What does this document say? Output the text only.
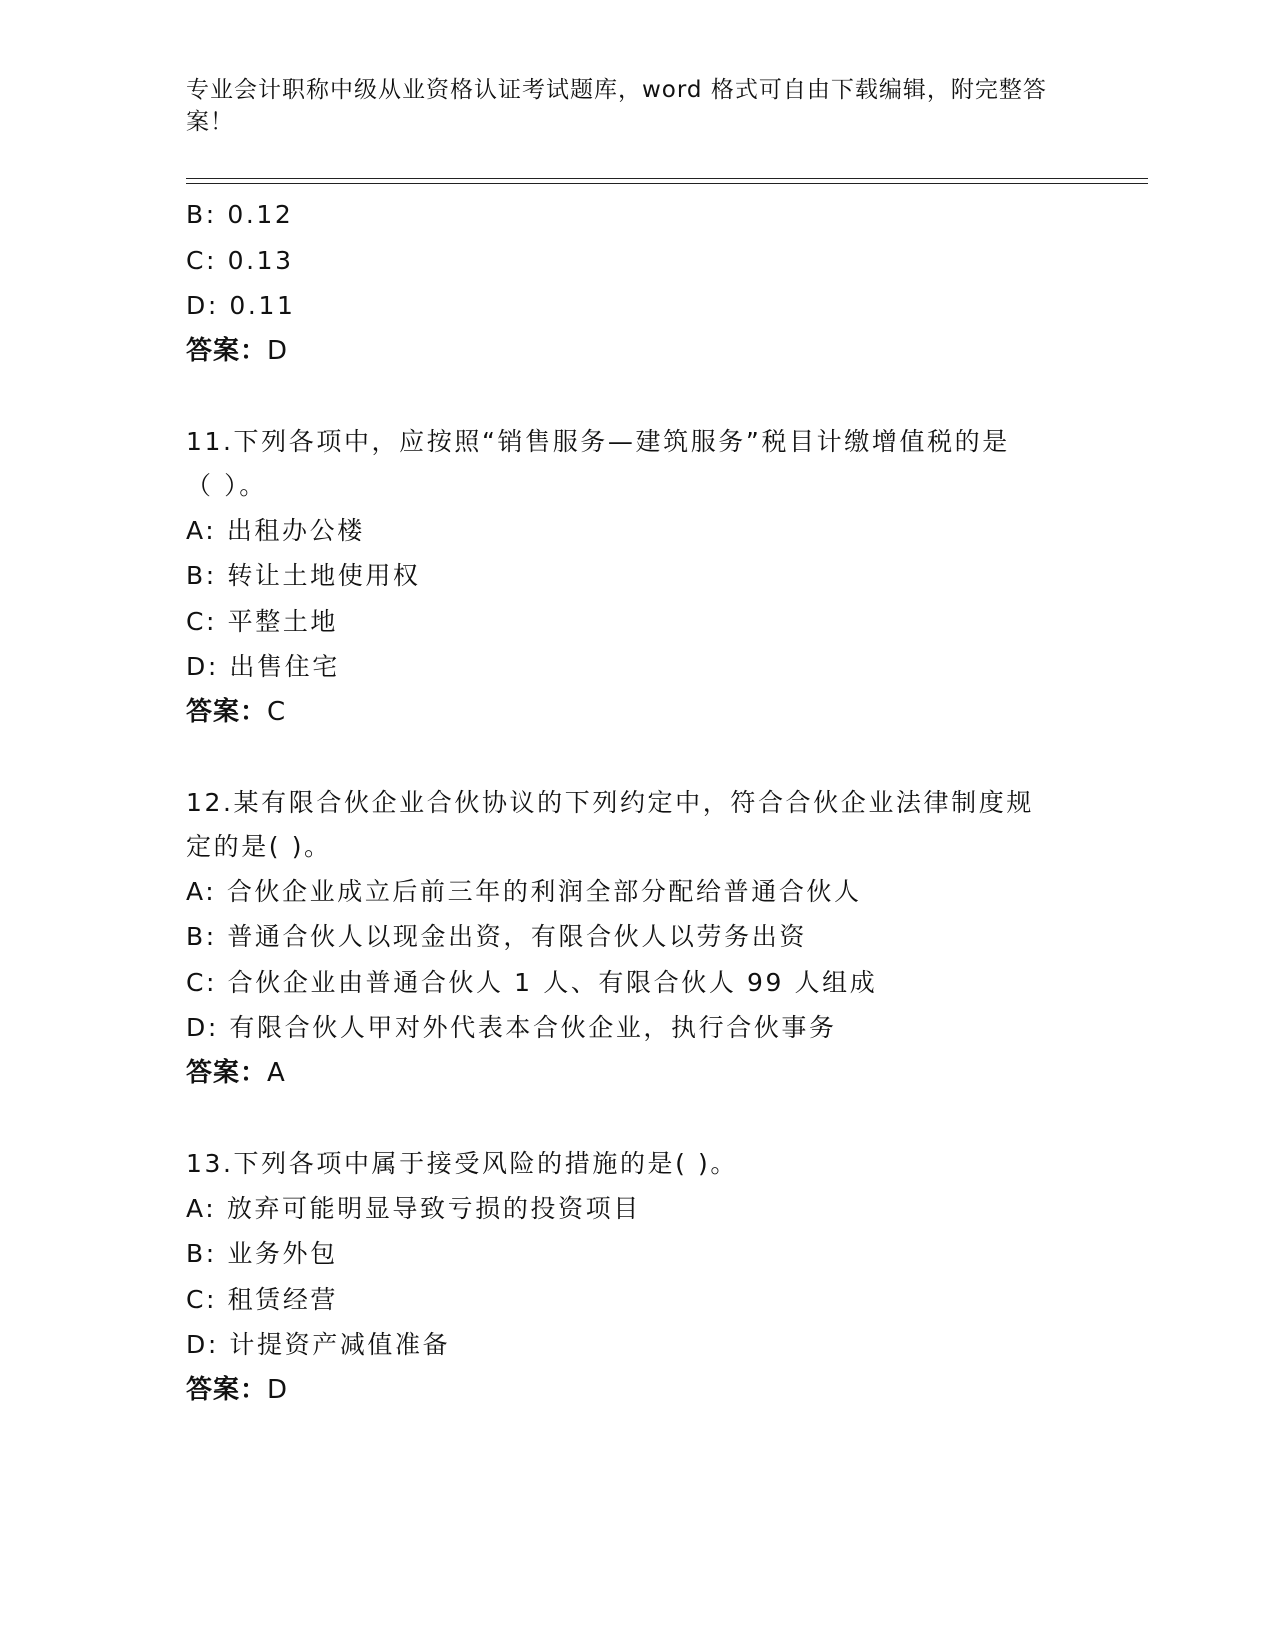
专业会计职称中级从业资格认证考试题库，word 格式可自由下载编辑，附完整答
案！
B: 0.12
C: 0.13
D: 0.11
答案：D
11.下列各项中，应按照“销售服务—建筑服务”税目计缴增值税的是
（ ）。
A: 出租办公楼
B: 转让土地使用权
C: 平整土地
D: 出售住宅
答案：C
12.某有限合伙企业合伙协议的下列约定中，符合合伙企业法律制度规
定的是( )。
A: 合伙企业成立后前三年的利润全部分配给普通合伙人
B: 普通合伙人以现金出资，有限合伙人以劳务出资
C: 合伙企业由普通合伙人 1 人、有限合伙人 99 人组成
D: 有限合伙人甲对外代表本合伙企业，执行合伙事务
答案：A
13.下列各项中属于接受风险的措施的是( )。
A: 放弃可能明显导致亏损的投资项目
B: 业务外包
C: 租赁经营
D: 计提资产减值准备
答案：D
